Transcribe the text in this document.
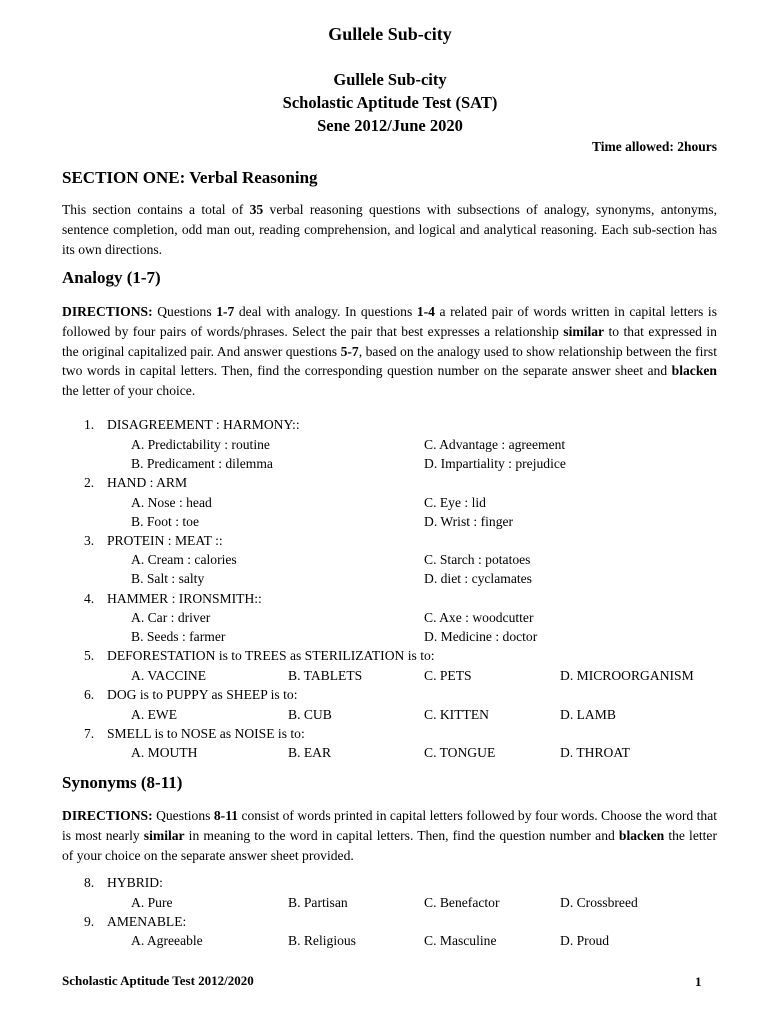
Gullele Sub-city
Gullele Sub-city
Scholastic Aptitude Test (SAT)
Sene 2012/June 2020
Time allowed: 2hours
SECTION ONE: Verbal Reasoning
This section contains a total of 35 verbal reasoning questions with subsections of analogy, synonyms, antonyms, sentence completion, odd man out, reading comprehension, and logical and analytical reasoning. Each sub-section has its own directions.
Analogy (1-7)
DIRECTIONS: Questions 1-7 deal with analogy. In questions 1-4 a related pair of words written in capital letters is followed by four pairs of words/phrases. Select the pair that best expresses a relationship similar to that expressed in the original capitalized pair. And answer questions 5-7, based on the analogy used to show relationship between the first two words in capital letters. Then, find the corresponding question number on the separate answer sheet and blacken the letter of your choice.
1. DISAGREEMENT : HARMONY::
A. Predictability : routine	C. Advantage : agreement
B. Predicament : dilemma	D. Impartiality : prejudice
2. HAND : ARM
A. Nose : head	C. Eye : lid
B. Foot : toe	D. Wrist : finger
3. PROTEIN : MEAT ::
A. Cream : calories	C. Starch : potatoes
B. Salt : salty	D. diet : cyclamates
4. HAMMER : IRONSMITH::
A. Car : driver	C. Axe : woodcutter
B. Seeds : farmer	D. Medicine : doctor
5. DEFORESTATION is to TREES as STERILIZATION is to:
A. VACCINE	B. TABLETS	C. PETS	D. MICROORGANISM
6. DOG is to PUPPY as SHEEP is to:
A. EWE	B. CUB	C. KITTEN	D. LAMB
7. SMELL is to NOSE as NOISE is to:
A. MOUTH	B. EAR	C. TONGUE	D. THROAT
Synonyms (8-11)
DIRECTIONS: Questions 8-11 consist of words printed in capital letters followed by four words. Choose the word that is most nearly similar in meaning to the word in capital letters. Then, find the question number and blacken the letter of your choice on the separate answer sheet provided.
8. HYBRID:
A. Pure	B. Partisan	C. Benefactor	D. Crossbreed
9. AMENABLE:
A. Agreeable	B. Religious	C. Masculine	D. Proud
Scholastic Aptitude Test 2012/2020	1
